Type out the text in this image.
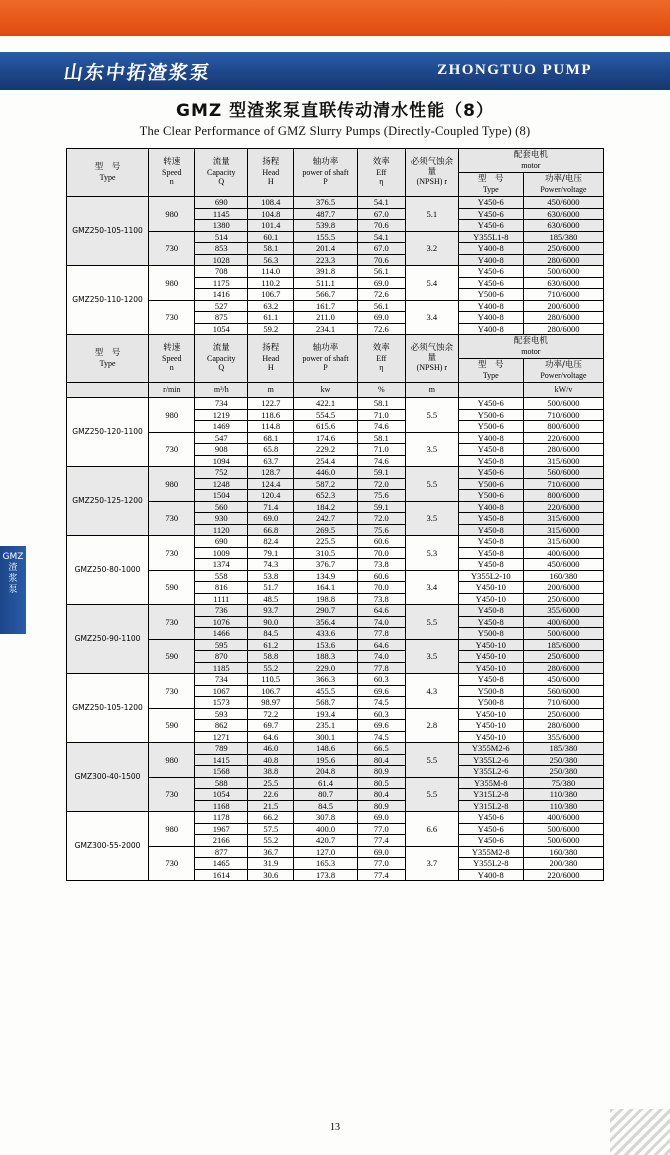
山东中拓渣浆泵	ZHONGTUO PUMP
GMZ 型渣浆泵直联传动清水性能（8）
The Clear Performance of GMZ Slurry Pumps (Directly-Coupled Type) (8)
GMZ
渣
浆
泵
型　号
Type	转速
Speed
n	流量
Capacity
Q	扬程
Head
H	轴功率
power of shaft
P	效率
Eff
η	必须气蚀余量
(NPSH) r	配套电机
motor	

							型　号
Type	功率/电压
Power/voltage

GMZ250-105-1100	980	690	108.4	376.5	54.1	5.1	Y450-6	450/6000
		1145	104.8	487.7	67.0		Y450-6	630/6000
		1380	101.4	539.8	70.6		Y450-6	630/6000
	730	514	60.1	155.5	54.1	3.2	Y355L1-8	185/380
		853	58.1	201.4	67.0		Y400-8	250/6000
		1028	56.3	223.3	70.6		Y400-8	280/6000
GMZ250-110-1200	980	708	114.0	391.8	56.1	5.4	Y450-6	500/6000
		1175	110.2	511.1	69.0		Y450-6	630/6000
		1416	106.7	566.7	72.6		Y500-6	710/6000
	730	527	63.2	161.7	56.1	3.4	Y400-8	200/6000
		875	61.1	211.0	69.0		Y400-8	280/6000
		1054	59.2	234.1	72.6		Y400-8	280/6000

型　号
Type	转速
Speed
n	流量
Capacity
Q	扬程
Head
H	轴功率
power of shaft
P	效率
Eff
η	必须气蚀余量
(NPSH) r	配套电机
motor	

							型　号
Type	功率/电压
Power/voltage

	r/min	m³/h	m	kw	%	m		kW/v
GMZ250-120-1100	980	734	122.7	422.1	58.1	5.5	Y450-6	500/6000
		1219	118.6	554.5	71.0		Y500-6	710/6000
		1469	114.8	615.6	74.6		Y500-6	800/6000
	730	547	68.1	174.6	58.1	3.5	Y400-8	220/6000
		908	65.8	229.2	71.0		Y450-8	280/6000
		1094	63.7	254.4	74.6		Y450-8	315/6000
GMZ250-125-1200	980	752	128.7	446.0	59.1	5.5	Y450-6	560/6000
		1248	124.4	587.2	72.0		Y500-6	710/6000
		1504	120.4	652.3	75.6		Y500-6	800/6000
	730	560	71.4	184.2	59.1	3.5	Y400-8	220/6000
		930	69.0	242.7	72.0		Y450-8	315/6000
		1120	66.8	269.5	75.6		Y450-8	315/6000
GMZ250-80-1000	730	690	82.4	225.5	60.6	5.3	Y450-8	315/6000
		1009	79.1	310.5	70.0		Y450-8	400/6000
		1374	74.3	376.7	73.8		Y450-8	450/6000
	590	558	53.8	134.9	60.6	3.4	Y355L2-10	160/380
		816	51.7	164.1	70.0		Y450-10	200/6000
		1111	48.5	198.8	73.8		Y450-10	250/6000
GMZ250-90-1100	730	736	93.7	290.7	64.6	5.5	Y450-8	355/6000
		1076	90.0	356.4	74.0		Y450-8	400/6000
		1466	84.5	433.6	77.8		Y500-8	500/6000
	590	595	61.2	153.6	64.6	3.5	Y450-10	185/6000
		870	58.8	188.3	74.0		Y450-10	250/6000
		1185	55.2	229.0	77.8		Y450-10	280/6000
GMZ250-105-1200	730	734	110.5	366.3	60.3	4.3	Y450-8	450/6000
		1067	106.7	455.5	69.6		Y500-8	560/6000
		1573	98.97	568.7	74.5		Y500-8	710/6000
	590	593	72.2	193.4	60.3	2.8	Y450-10	250/6000
		862	69.7	235.1	69.6		Y450-10	280/6000
		1271	64.6	300.1	74.5		Y450-10	355/6000
GMZ300-40-1500	980	789	46.0	148.6	66.5	5.5	Y355M2-6	185/380
		1415	40.8	195.6	80.4		Y355L2-6	250/380
		1568	38.8	204.8	80.9		Y355L2-6	250/380
	730	588	25.5	61.4	80.5	5.5	Y355M-8	75/380
		1054	22.6	80.7	80.4		Y315L2-8	110/380
		1168	21.5	84.5	80.9		Y315L2-8	110/380
GMZ300-55-2000	980	1178	66.2	307.8	69.0	6.6	Y450-6	400/6000
		1967	57.5	400.0	77.0		Y450-6	500/6000
		2166	55.2	420.7	77.4		Y450-6	500/6000
	730	877	36.7	127.0	69.0	3.7	Y355M2-8	160/380
		1465	31.9	165.3	77.0		Y355L2-8	200/380
		1614	30.6	173.8	77.4		Y400-8	220/6000
13
